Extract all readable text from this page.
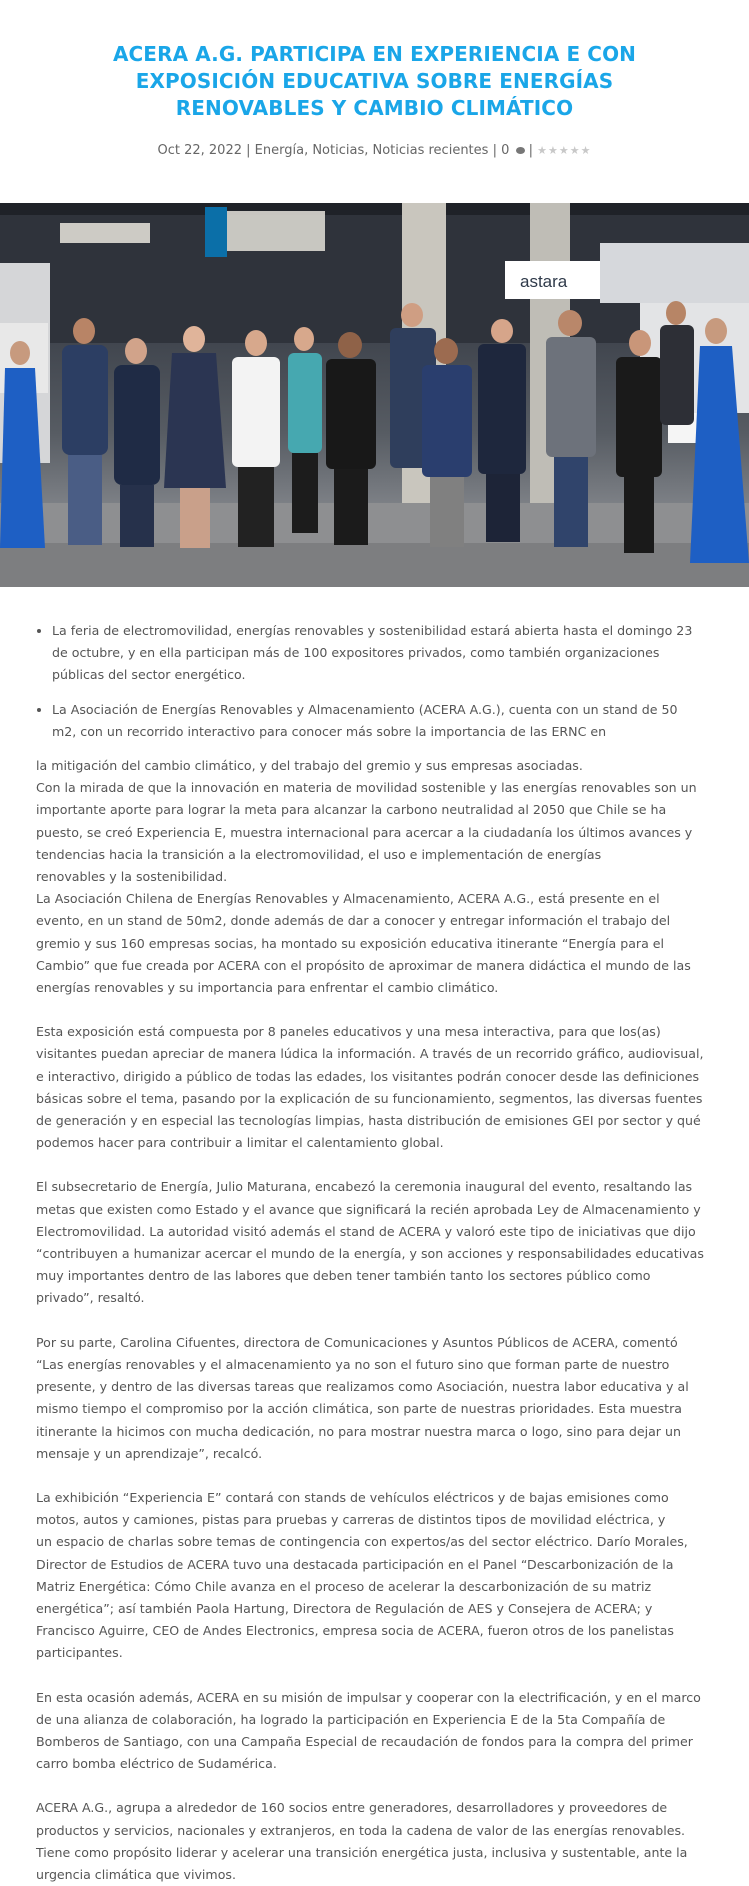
ACERA A.G. PARTICIPA EN EXPERIENCIA E CON EXPOSICIÓN EDUCATIVA SOBRE ENERGÍAS RENOVABLES Y CAMBIO CLIMÁTICO
Oct 22, 2022 | Energía, Noticias, Noticias recientes | 0  | ★★★★★
astara
• La feria de electromovilidad, energías renovables y sostenibilidad estará abierta hasta el domingo 23 de octubre, y en ella participan más de 100 expositores privados, como también organizaciones públicas del sector energético.
• La Asociación de Energías Renovables y Almacenamiento (ACERA A.G.), cuenta con un stand de 50 m2, con un recorrido interactivo para conocer más sobre la importancia de las ERNC en

la mitigación del cambio climático, y del trabajo del gremio y sus empresas asociadas.

Con la mirada de que la innovación en materia de movilidad sostenible y las energías renovables son un importante aporte para lograr la meta para alcanzar la carbono neutralidad al 2050 que Chile se ha puesto, se creó Experiencia E, muestra internacional para acercar a la ciudadanía los últimos avances y tendencias hacia la transición a la electromovilidad, el uso e implementación de energías

renovables y la sostenibilidad.

La Asociación Chilena de Energías Renovables y Almacenamiento, ACERA A.G., está presente en el evento, en un stand de 50m2, donde además de dar a conocer y entregar información el trabajo del gremio y sus 160 empresas socias, ha montado su exposición educativa itinerante “Energía para el Cambio” que fue creada por ACERA con el propósito de aproximar de manera didáctica el mundo de las energías renovables y su importancia para enfrentar el cambio climático.

Esta exposición está compuesta por 8 paneles educativos y una mesa interactiva, para que los(as) visitantes puedan apreciar de manera lúdica la información. A través de un recorrido gráfico, audiovisual, e interactivo, dirigido a público de todas las edades, los visitantes podrán conocer desde las definiciones básicas sobre el tema, pasando por la explicación de su funcionamiento, segmentos, las diversas fuentes de generación y en especial las tecnologías limpias, hasta distribución de emisiones GEI por sector y qué podemos hacer para contribuir a limitar el calentamiento global.

El subsecretario de Energía, Julio Maturana, encabezó la ceremonia inaugural del evento, resaltando las metas que existen como Estado y el avance que significará la recién aprobada Ley de Almacenamiento y Electromovilidad. La autoridad visitó además el stand de ACERA y valoró este tipo de iniciativas que dijo “contribuyen a humanizar acercar el mundo de la energía, y son acciones y responsabilidades educativas muy importantes dentro de las labores que deben tener también tanto los sectores público como privado”, resaltó.

Por su parte, Carolina Cifuentes, directora de Comunicaciones y Asuntos Públicos de ACERA, comentó “Las energías renovables y el almacenamiento ya no son el futuro sino que forman parte de nuestro presente, y dentro de las diversas tareas que realizamos como Asociación, nuestra labor educativa y al mismo tiempo el compromiso por la acción climática, son parte de nuestras prioridades. Esta muestra itinerante la hicimos con mucha dedicación, no para mostrar nuestra marca o logo, sino para dejar un mensaje y un aprendizaje”, recalcó.

La exhibición “Experiencia E” contará con stands de vehículos eléctricos y de bajas emisiones como motos, autos y camiones, pistas para pruebas y carreras de distintos tipos de movilidad eléctrica, y

un espacio de charlas sobre temas de contingencia con expertos/as del sector eléctrico. Darío Morales, Director de Estudios de ACERA tuvo una destacada participación en el Panel “Descarbonización de la Matriz Energética: Cómo Chile avanza en el proceso de acelerar la descarbonización de su matriz energética”; así también Paola Hartung, Directora de Regulación de AES y Consejera de ACERA; y Francisco Aguirre, CEO de Andes Electronics, empresa socia de ACERA, fueron otros de los panelistas participantes.

En esta ocasión además, ACERA en su misión de impulsar y cooperar con la electrificación, y en el marco de una alianza de colaboración, ha logrado la participación en Experiencia E de la 5ta Compañía de Bomberos de Santiago, con una Campaña Especial de recaudación de fondos para la compra del primer carro bomba eléctrico de Sudamérica.

ACERA A.G., agrupa a alrededor de 160 socios entre generadores, desarrolladores y proveedores de productos y servicios, nacionales y extranjeros, en toda la cadena de valor de las energías renovables. Tiene como propósito liderar y acelerar una transición energética justa, inclusiva y sustentable, ante la urgencia climática que vivimos.
